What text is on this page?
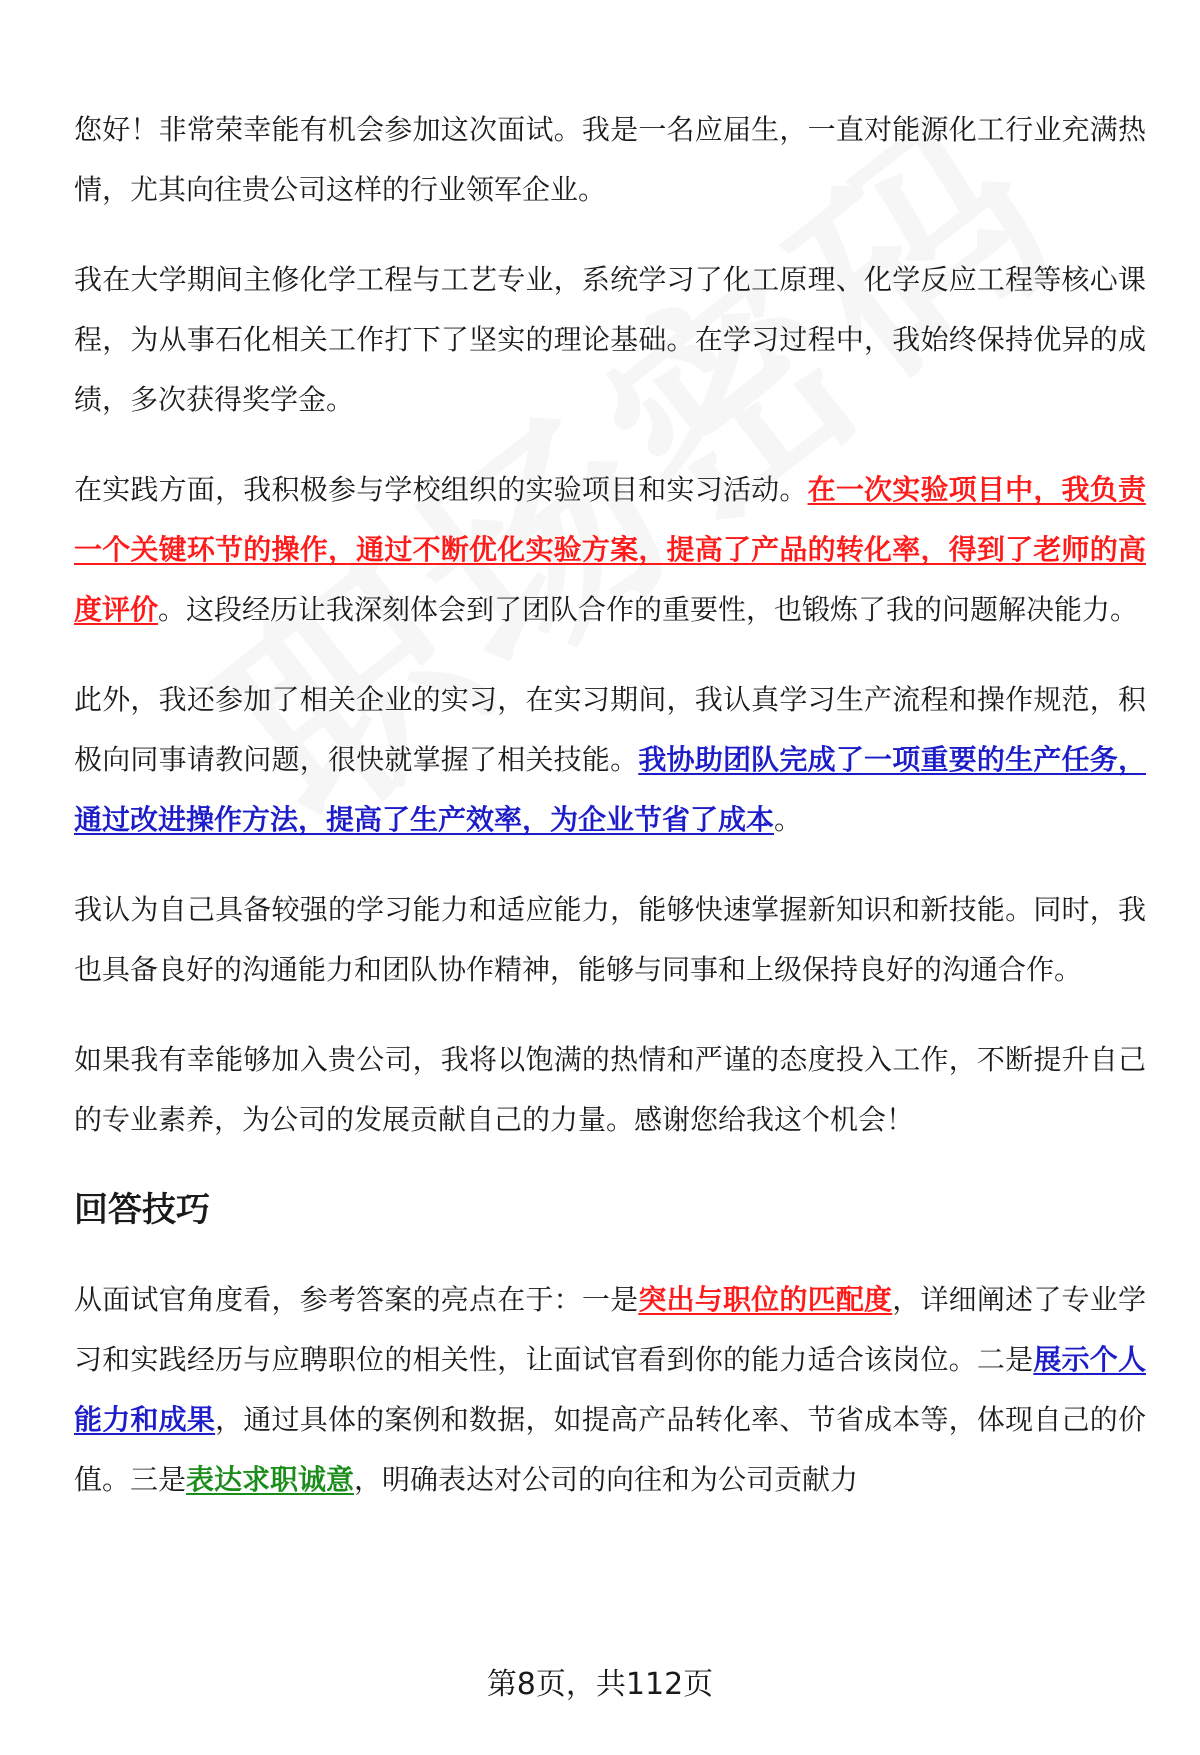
您好！非常荣幸能有机会参加这次面试。我是一名应届生，一直对能源化工行业充满热情，尤其向往贵公司这样的行业领军企业。

我在大学期间主修化学工程与工艺专业，系统学习了化工原理、化学反应工程等核心课程，为从事石化相关工作打下了坚实的理论基础。在学习过程中，我始终保持优异的成绩，多次获得奖学金。

在实践方面，我积极参与学校组织的实验项目和实习活动。在一次实验项目中，我负责一个关键环节的操作，通过不断优化实验方案，提高了产品的转化率，得到了老师的高度评价。这段经历让我深刻体会到了团队合作的重要性，也锻炼了我的问题解决能力。

此外，我还参加了相关企业的实习，在实习期间，我认真学习生产流程和操作规范，积极向同事请教问题，很快就掌握了相关技能。我协助团队完成了一项重要的生产任务，通过改进操作方法，提高了生产效率，为企业节省了成本。

我认为自己具备较强的学习能力和适应能力，能够快速掌握新知识和新技能。同时，我也具备良好的沟通能力和团队协作精神，能够与同事和上级保持良好的沟通合作。

如果我有幸能够加入贵公司，我将以饱满的热情和严谨的态度投入工作，不断提升自己的专业素养，为公司的发展贡献自己的力量。感谢您给我这个机会！

回答技巧

从面试官角度看，参考答案的亮点在于：一是突出与职位的匹配度，详细阐述了专业学习和实践经历与应聘职位的相关性，让面试官看到你的能力适合该岗位。二是展示个人能力和成果，通过具体的案例和数据，如提高产品转化率、节省成本等，体现自己的价值。三是表达求职诚意，明确表达对公司的向往和为公司贡献力

第8页，共112页
